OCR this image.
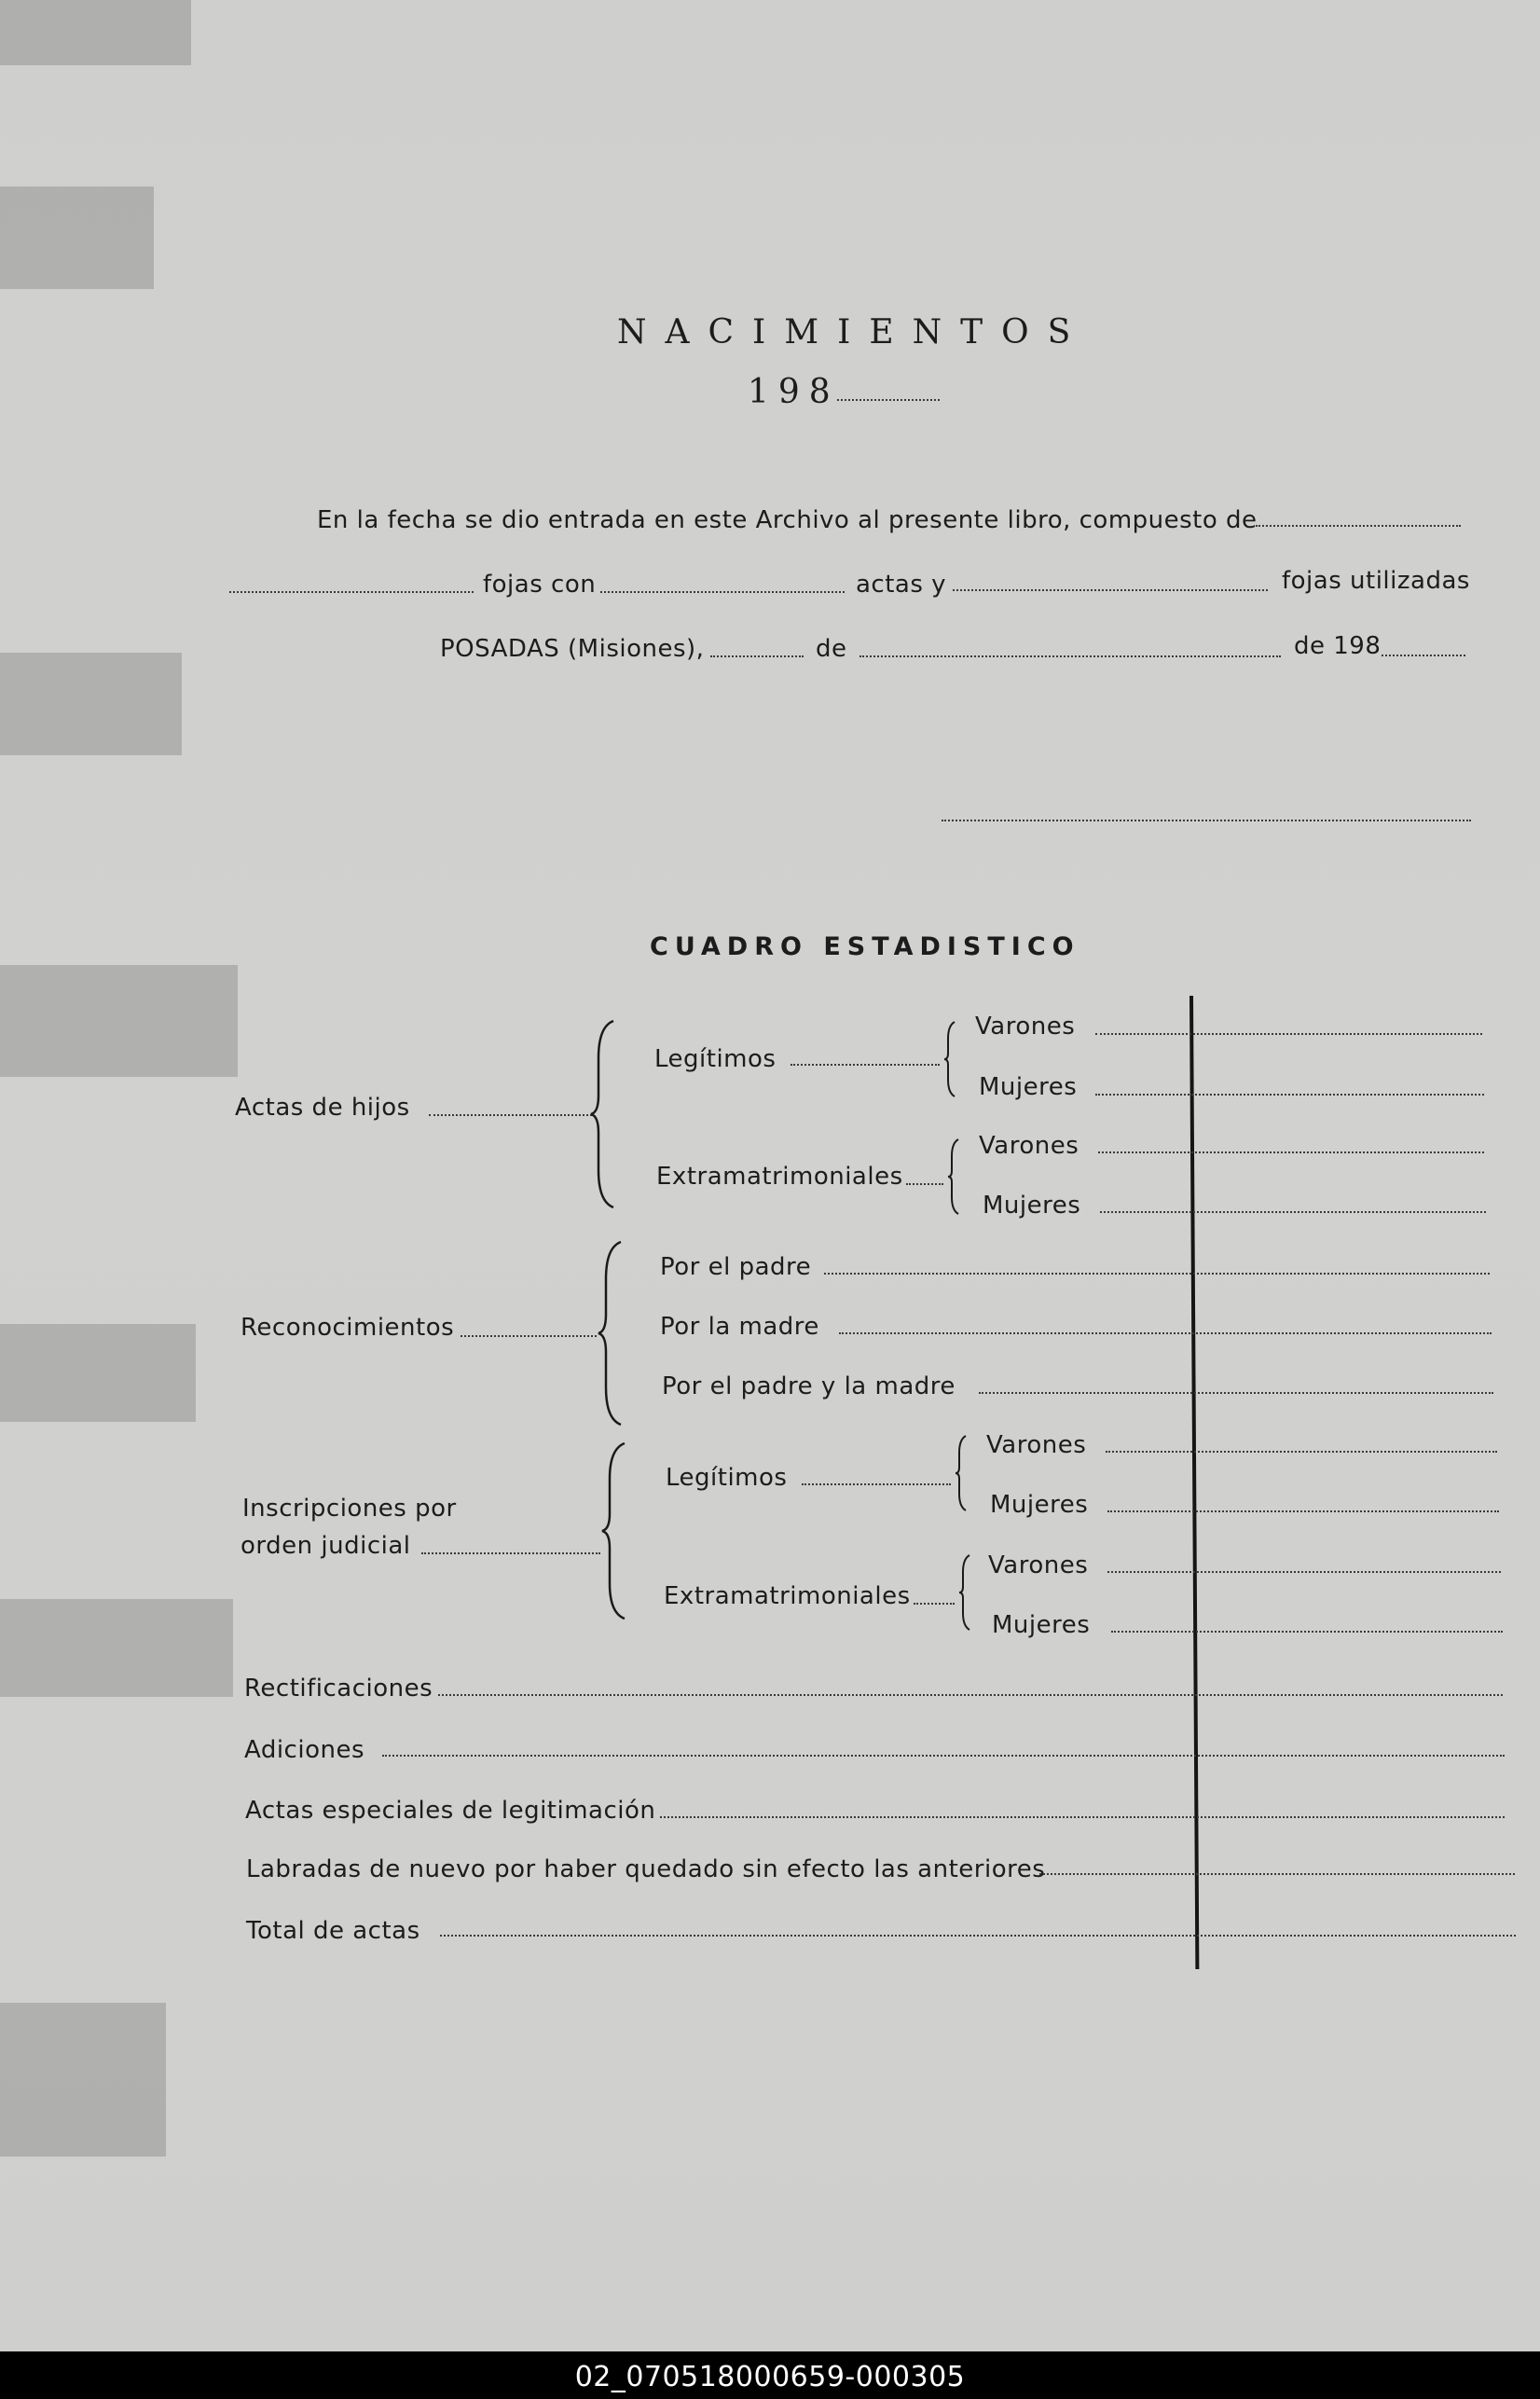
NACIMIENTOS
198
En la fecha se dio entrada en este Archivo al presente libro, compuesto de
fojas con	actas y	fojas utilizadas
POSADAS (Misiones),	de	de 198
CUADRO ESTADISTICO
Actas de hijos
Legítimos
Varones
Mujeres
Extramatrimoniales
Varones
Mujeres
Reconocimientos
Por el padre
Por la madre
Por el padre y la madre
Inscripciones por
orden judicial
Legítimos
Varones
Mujeres
Extramatrimoniales
Varones
Mujeres
Rectificaciones
Adiciones
Actas especiales de legitimación
Labradas de nuevo por haber quedado sin efecto las anteriores
Total de actas
02_070518000659-000305
